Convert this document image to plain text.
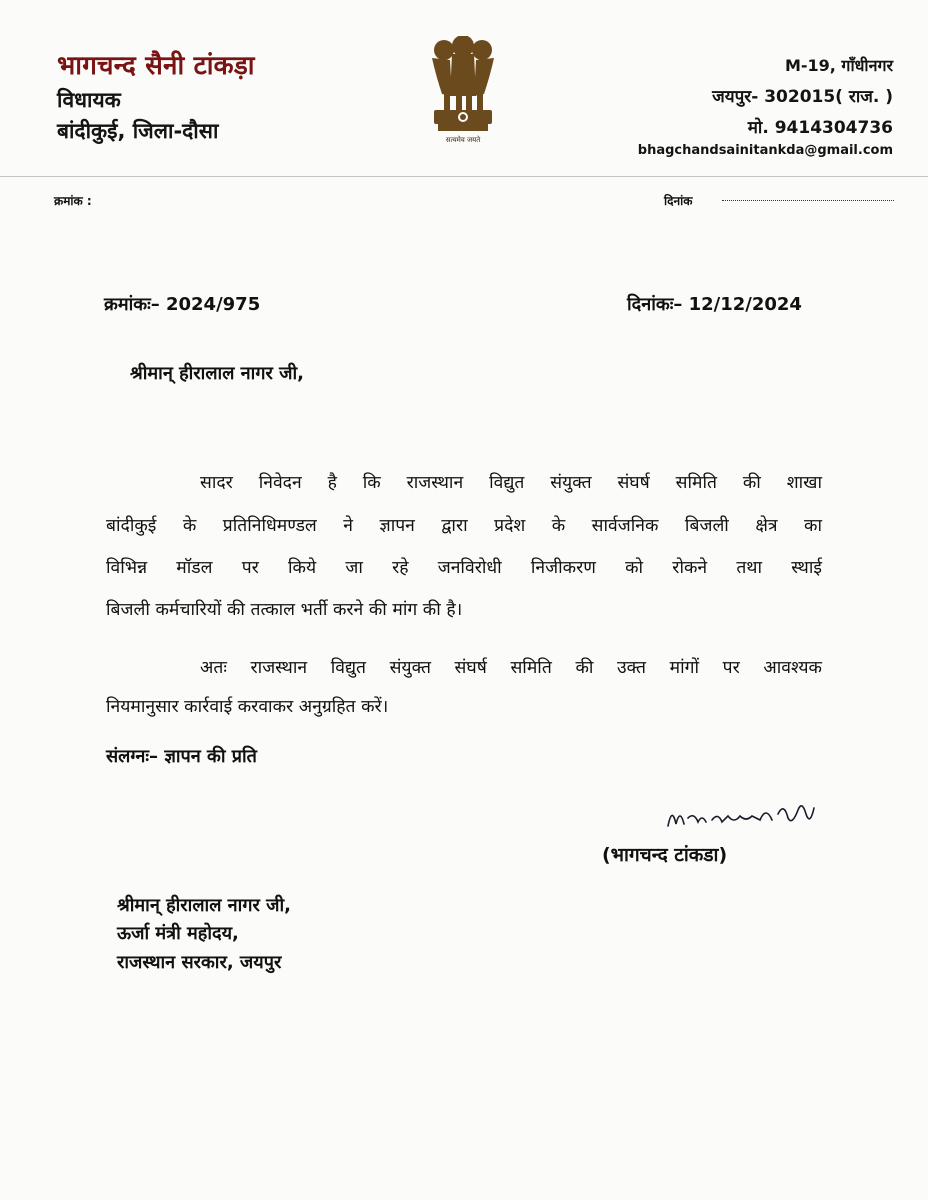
भागचन्द सैनी टांकड़ा
विधायक
बांदीकुई, जिला-दौसा	सत्यमेव जयते
M-19, गाँधीनगर
जयपुर- 302015( राज. )
मो. 9414304736
bhagchandsainitankda@gmail.com
क्रमांक :	दिनांक
क्रमांकः– 2024/975	दिनांकः– 12/12/2024
श्रीमान् हीरालाल नागर जी,
सादर निवेदन है कि राजस्थान विद्युत संयुक्त संघर्ष समिति की शाखा
बांदीकुई के प्रतिनिधिमण्डल ने ज्ञापन द्वारा प्रदेश के सार्वजनिक बिजली क्षेत्र का
विभिन्न मॉडल पर किये जा रहे जनविरोधी निजीकरण को रोकने तथा स्थाई
बिजली कर्मचारियों की तत्काल भर्ती करने की मांग की है।
अतः राजस्थान विद्युत संयुक्त संघर्ष समिति की उक्त मांगों पर आवश्यक
नियमानुसार कार्रवाई करवाकर अनुग्रहित करें।
संलग्नः– ज्ञापन की प्रति
(भागचन्द टांकडा)
श्रीमान् हीरालाल नागर जी,
ऊर्जा मंत्री महोदय,
राजस्थान सरकार, जयपुर
